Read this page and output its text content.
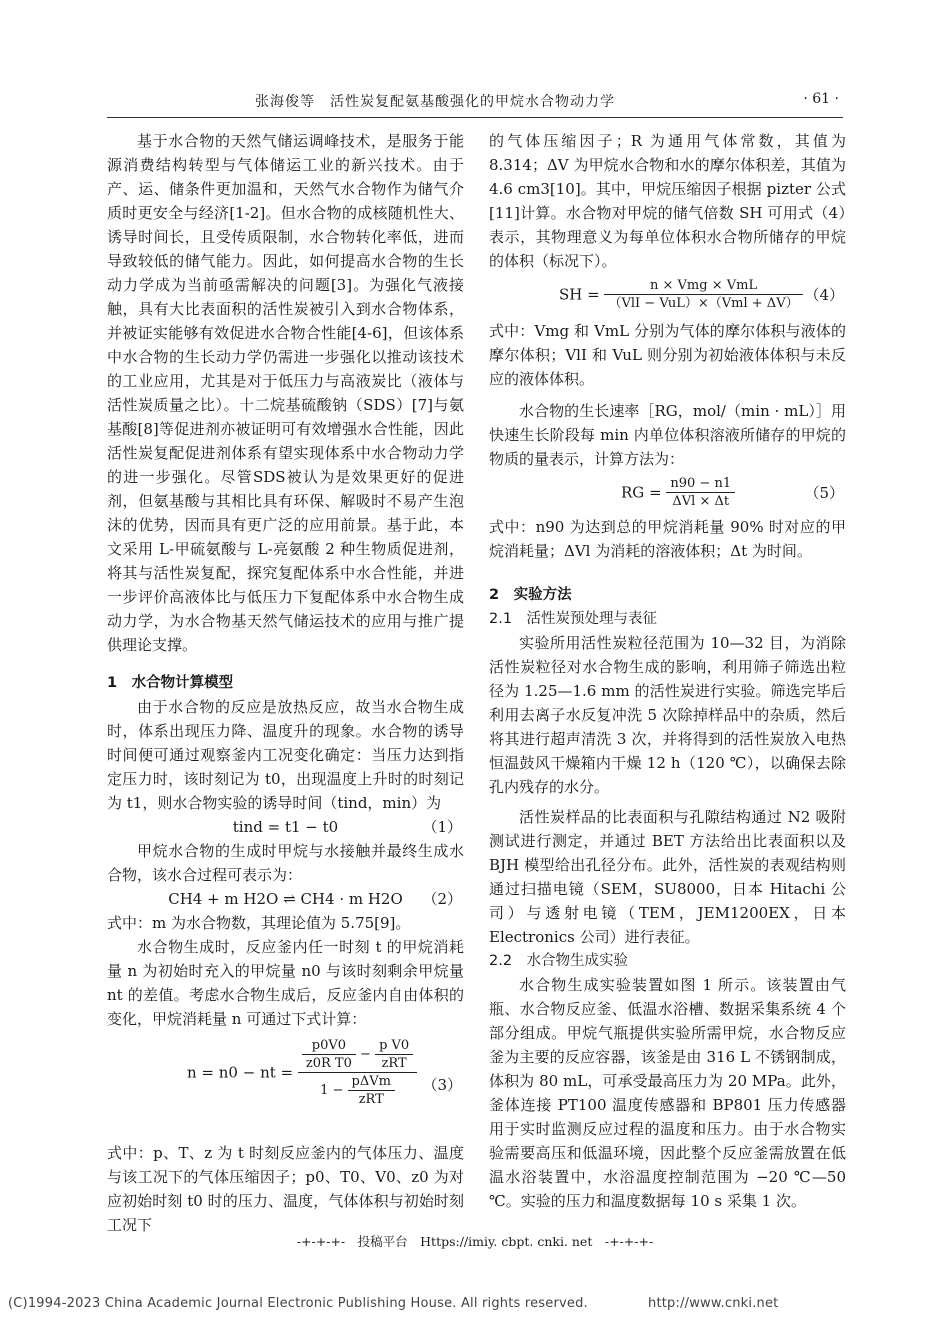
张海俊等　活性炭复配氨基酸强化的甲烷水合物动力学	· 61 ·

基于水合物的天然气储运调峰技术，是服务于能源消费结构转型与气体储运工业的新兴技术。由于产、运、储条件更加温和，天然气水合物作为储气介质时更安全与经济[1-2]。但水合物的成核随机性大、诱导时间长，且受传质限制，水合物转化率低，进而导致较低的储气能力。因此，如何提高水合物的生长动力学成为当前亟需解决的问题[3]。为强化气液接触，具有大比表面积的活性炭被引入到水合物体系，并被证实能够有效促进水合物合性能[4-6]，但该体系中水合物的生长动力学仍需进一步强化以推动该技术的工业应用，尤其是对于低压力与高液炭比（液体与活性炭质量之比）。十二烷基硫酸钠（SDS）[7]与氨基酸[8]等促进剂亦被证明可有效增强水合性能，因此活性炭复配促进剂体系有望实现体系中水合物动力学的进一步强化。尽管SDS被认为是效果更好的促进剂，但氨基酸与其相比具有环保、解吸时不易产生泡沫的优势，因而具有更广泛的应用前景。基于此，本文采用 L-甲硫氨酸与 L-亮氨酸 2 种生物质促进剂，将其与活性炭复配，探究复配体系中水合性能，并进一步评价高液体比与低压力下复配体系中水合物生成动力学，为水合物基天然气储运技术的应用与推广提供理论支撑。

1　水合物计算模型

由于水合物的反应是放热反应，故当水合物生成时，体系出现压力降、温度升的现象。水合物的诱导时间便可通过观察釜内工况变化确定：当压力达到指定压力时，该时刻记为 t0，出现温度上升时的时刻记为 t1，则水合物实验的诱导时间（tind，min）为

tind = t1 − t0	（1）

甲烷水合物的生成时甲烷与水接触并最终生成水合物，该水合过程可表示为：

CH4 + m H2O ⇌ CH4 · m H2O （2）

式中：m 为水合物数，其理论值为 5.75[9]。

水合物生成时，反应釜内任一时刻 t 的甲烷消耗量 n 为初始时充入的甲烷量 n0 与该时刻剩余甲烷量 nt 的差值。考虑水合物生成后，反应釜内自由体积的变化，甲烷消耗量 n 可通过下式计算：

n = n0 − nt =
$\frac{p0V0}{\text{z0R T0}} - \frac{\text{p V0}}{\text{zRT}}$
$1 - \frac{\text{pΔVm}}{\text{zRT}} (3)$

式中：p、T、z 为 t 时刻反应釜内的气体压力、温度与该工况下的气体压缩因子；p0、T0、V0、z0 为对应初始时刻 t0 时的压力、温度，气体体积与初始时刻工况下

的气体压缩因子；R 为通用气体常数，其值为 8.314；ΔV 为甲烷水合物和水的摩尔体积差，其值为 4.6 cm3[10]。其中，甲烷压缩因子根据 pizter 公式[11]计算。水合物对甲烷的储气倍数 SH 可用式（4）表示，其物理意义为每单位体积水合物所储存的甲烷的体积（标况下）。

SH = $\frac{\text{n × Vmg × VmL}}{\text{（VlI − VuL）×（Vml + ΔV）}} (4)$

式中：Vmg 和 VmL 分别为气体的摩尔体积与液体的摩尔体积；VlI 和 VuL 则分别为初始液体体积与未反应的液体体积。

水合物的生长速率［RG，mol/（min · mL）］用快速生长阶段每 min 内单位体积溶液所储存的甲烷的物质的量表示，计算方法为：

RG = $\frac{n90 - n1}{\text{ΔVl × Δt}}$	（5）

式中：n90 为达到总的甲烷消耗量 90% 时对应的甲烷消耗量；ΔVl 为消耗的溶液体积；Δt 为时间。

2　实验方法

2.1　活性炭预处理与表征

实验所用活性炭粒径范围为 10—32 目，为消除活性炭粒径对水合物生成的影响，利用筛子筛选出粒径为 1.25—1.6 mm 的活性炭进行实验。筛选完毕后利用去离子水反复冲洗 5 次除掉样品中的杂质，然后将其进行超声清洗 3 次，并将得到的活性炭放入电热恒温鼓风干燥箱内干燥 12 h（120 ℃），以确保去除孔内残存的水分。

活性炭样品的比表面积与孔隙结构通过 N2 吸附测试进行测定，并通过 BET 方法给出比表面积以及 BJH 模型给出孔径分布。此外，活性炭的表观结构则通过扫描电镜（SEM，SU8000，日本 Hitachi 公司）与透射电镜（TEM，JEM1200EX，日本 Electronics 公司）进行表征。

2.2　水合物生成实验

水合物生成实验装置如图 1 所示。该装置由气瓶、水合物反应釜、低温水浴槽、数据采集系统 4 个部分组成。甲烷气瓶提供实验所需甲烷，水合物反应釜为主要的反应容器，该釜是由 316 L 不锈钢制成，体积为 80 mL，可承受最高压力为 20 MPa。此外，釜体连接 PT100 温度传感器和 BP801 压力传感器用于实时监测反应过程的温度和压力。由于水合物实验需要高压和低温环境，因此整个反应釜需放置在低温水浴装置中，水浴温度控制范围为 −20 ℃—50 ℃。实验的压力和温度数据每 10 s 采集 1 次。

-+-+-+-　投稿平台　Https://imiy. cbpt. cnki. net　-+-+-+-
(C)1994-2023 China Academic Journal Electronic Publishing House. All rights reserved.	http://www.cnki.net
